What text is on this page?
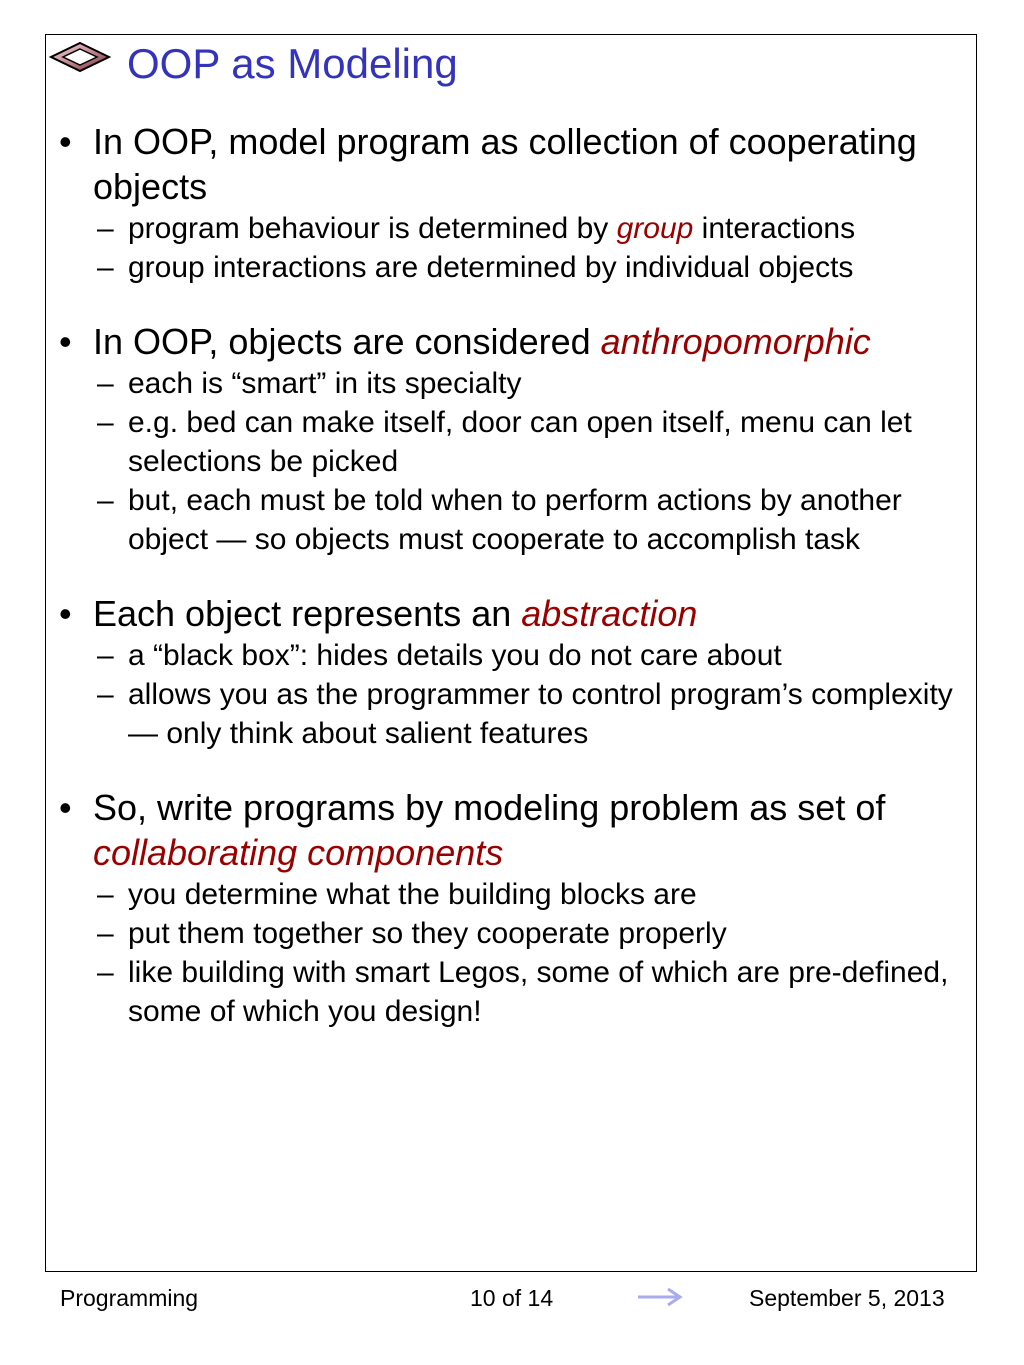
OOP as Modeling
• In OOP, model program as collection of cooperating objects
– program behaviour is determined by group interactions
– group interactions are determined by individual objects
• In OOP, objects are considered anthropomorphic
– each is “smart” in its specialty
– e.g. bed can make itself, door can open itself, menu can let selections be picked
– but, each must be told when to perform actions by another object — so objects must cooperate to accomplish task
• Each object represents an abstraction
– a “black box”: hides details you do not care about
– allows you as the programmer to control program’s complexity — only think about salient features
• So, write programs by modeling problem as set of collaborating components
– you determine what the building blocks are
– put them together so they cooperate properly
– like building with smart Legos, some of which are pre-defined, some of which you design!
Programming	10 of 14	September 5, 2013
